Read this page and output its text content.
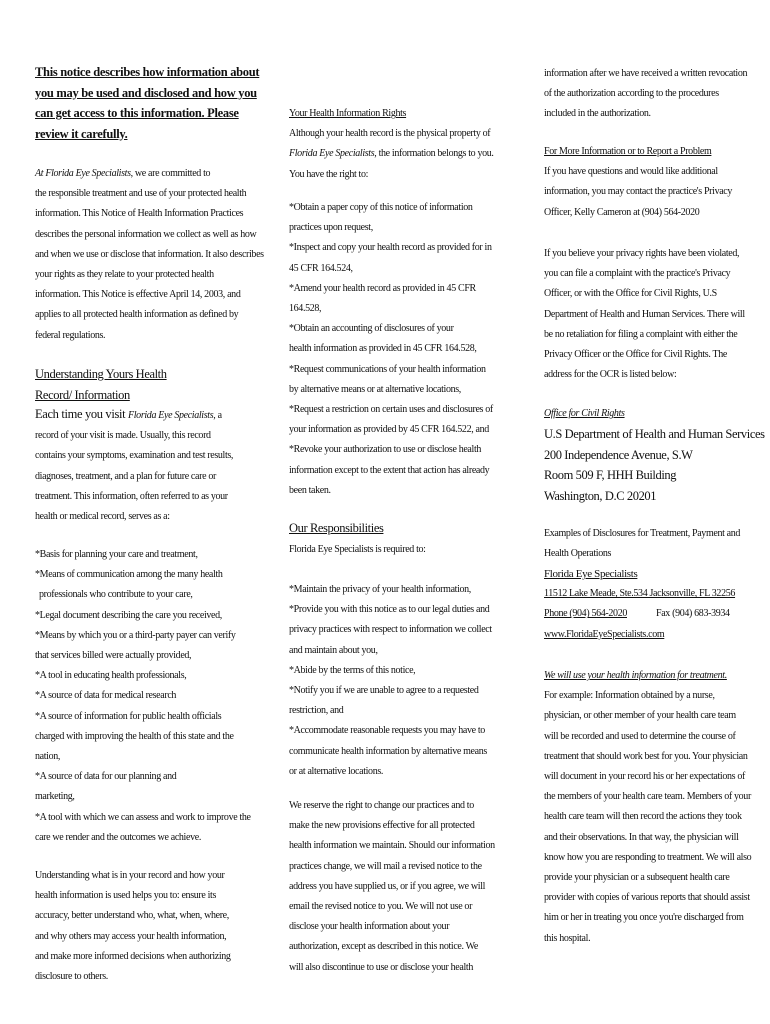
This notice describes how information about
you may be used and disclosed and how you
can get access to this information. Please
review it carefully.
At Florida Eye Specialists, we are committed to
the responsible treatment and use of your protected health
information. This Notice of Health Information Practices
describes the personal information we collect as well as how
and when we use or disclose that information. It also describes
your rights as they relate to your protected health
information. This Notice is effective April 14, 2003, and
applies to all protected health information as defined by
federal regulations.
Understanding Yours Health
Record/ Information
Each time you visit Florida Eye Specialists, a
record of your visit is made. Usually, this record
contains your symptoms, examination and test results,
diagnoses, treatment, and a plan for future care or
treatment. This information, often referred to as your
health or medical record, serves as a:
*Basis for planning your care and treatment,
*Means of communication among the many health
professionals who contribute to your care,
*Legal document describing the care you received,
*Means by which you or a third-party payer can verify
that services billed were actually provided,
*A tool in educating health professionals,
*A source of data for medical research
*A source of information for public health officials
charged with improving the health of this state and the
nation,
*A source of data for our planning and
marketing,
*A tool with which we can assess and work to improve the
care we render and the outcomes we achieve.
Understanding what is in your record and how your
health information is used helps you to: ensure its
accuracy, better understand who, what, when, where,
and why others may access your health information,
and make more informed decisions when authorizing
disclosure to others.
Your Health Information Rights
Although your health record is the physical property of
Florida Eye Specialists, the information belongs to you.
You have the right to:
*Obtain a paper copy of this notice of information
practices upon request,
*Inspect and copy your health record as provided for in
45 CFR 164.524,
*Amend your health record as provided in 45 CFR
164.528,
*Obtain an accounting of disclosures of your
health information as provided in 45 CFR 164.528,
*Request communications of your health information
by alternative means or at alternative locations,
*Request a restriction on certain uses and disclosures of
your information as provided by 45 CFR 164.522, and
*Revoke your authorization to use or disclose health
information except to the extent that action has already
been taken.
Our Responsibilities
Florida Eye Specialists is required to:
*Maintain the privacy of your health information,
*Provide you with this notice as to our legal duties and
privacy practices with respect to information we collect
and maintain about you,
*Abide by the terms of this notice,
*Notify you if we are unable to agree to a requested
restriction, and
*Accommodate reasonable requests you may have to
communicate health information by alternative means
or at alternative locations.
We reserve the right to change our practices and to
make the new provisions effective for all protected
health information we maintain. Should our information
practices change, we will mail a revised notice to the
address you have supplied us, or if you agree, we will
email the revised notice to you. We will not use or
disclose your health information about your
authorization, except as described in this notice. We
will also discontinue to use or disclose your health
information after we have received a written revocation
of the authorization according to the procedures
included in the authorization.
For More Information or to Report a Problem
If you have questions and would like additional
information, you may contact the practice's Privacy
Officer, Kelly Cameron at (904) 564-2020
If you believe your privacy rights have been violated,
you can file a complaint with the practice's Privacy
Officer, or with the Office for Civil Rights, U.S
Department of Health and Human Services. There will
be no retaliation for filing a complaint with either the
Privacy Officer or the Office for Civil Rights. The
address for the OCR is listed below:
Office for Civil Rights
U.S Department of Health and Human Services
200 Independence Avenue, S.W
Room 509 F, HHH Building
Washington, D.C 20201
Examples of Disclosures for Treatment, Payment and
Health Operations
Florida Eye Specialists
11512 Lake Meade, Ste.534 Jacksonville, FL 32256
Phone (904) 564-2020	Fax (904) 683-3934
www.FloridaEyeSpecialists.com
We will use your health information for treatment.
For example: Information obtained by a nurse,
physician, or other member of your health care team
will be recorded and used to determine the course of
treatment that should work best for you. Your physician
will document in your record his or her expectations of
the members of your health care team. Members of your
health care team will then record the actions they took
and their observations. In that way, the physician will
know how you are responding to treatment. We will also
provide your physician or a subsequent health care
provider with copies of various reports that should assist
him or her in treating you once you're discharged from
this hospital.
